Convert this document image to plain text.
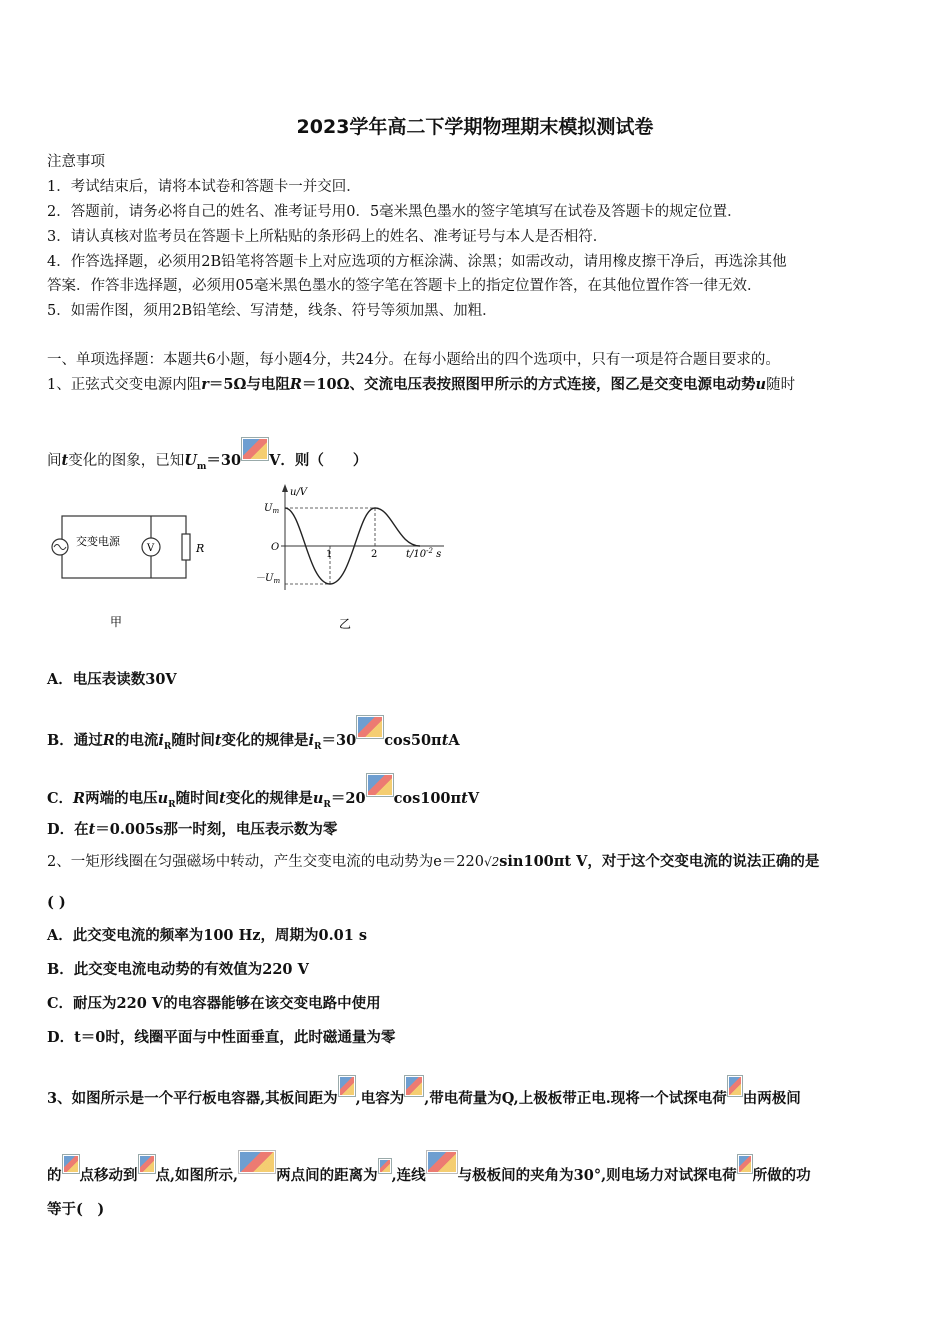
2023学年高二下学期物理期末模拟测试卷
注意事项
1．考试结束后，请将本试卷和答题卡一并交回．
2．答题前，请务必将自己的姓名、准考证号用0．5毫米黑色墨水的签字笔填写在试卷及答题卡的规定位置．
3．请认真核对监考员在答题卡上所粘贴的条形码上的姓名、准考证号与本人是否相符．
4．作答选择题，必须用2B铅笔将答题卡上对应选项的方框涂满、涂黑；如需改动，请用橡皮擦干净后，再选涂其他
答案．作答非选择题，必须用05毫米黑色墨水的签字笔在答题卡上的指定位置作答，在其他位置作答一律无效．
5．如需作图，须用2B铅笔绘、写清楚，线条、符号等须加黑、加粗．
一、单项选择题：本题共6小题，每小题4分，共24分。在每小题给出的四个选项中，只有一项是符合题目要求的。
1、正弦式交变电源内阻r＝5Ω与电阻R＝10Ω、交流电压表按照图甲所示的方式连接，图乙是交变电源电动势u随时
间t变化的图象，已知$U_m=30$ V．则（　　）
交变电源
V	R
甲
u/V
$U_m$
O
$-U_m$
1	2	$t/10^{-2}$ s
乙
A．电压表读数30V
B．通过R的电流$i_R$随时间t变化的规律是$i_R=30$ cos50πtA
C．R两端的电压$u_R$随时间t变化的规律是$u_R=20$ cos100πtV
D．在t＝0.005s那一时刻，电压表示数为零
2、一矩形线圈在匀强磁场中转动，产生交变电流的电动势为e＝220√2sin100πt V，对于这个交变电流的说法正确的是
( )
A．此交变电流的频率为100 Hz，周期为0.01 s
B．此交变电流电动势的有效值为220 V
C．耐压为220 V的电容器能够在该交变电路中使用
D．t＝0时，线圈平面与中性面垂直，此时磁通量为零
3、如图所示是一个平行板电容器,其板间距为 ,电容为 ,带电荷量为Q,上极板带正电.现将一个试探电荷 由两极间
的 点移动到 点,如图所示,	两点间的距离为 ,连线 与极板间的夹角为30°,则电场力对试探电荷 所做的功
等于(　)
